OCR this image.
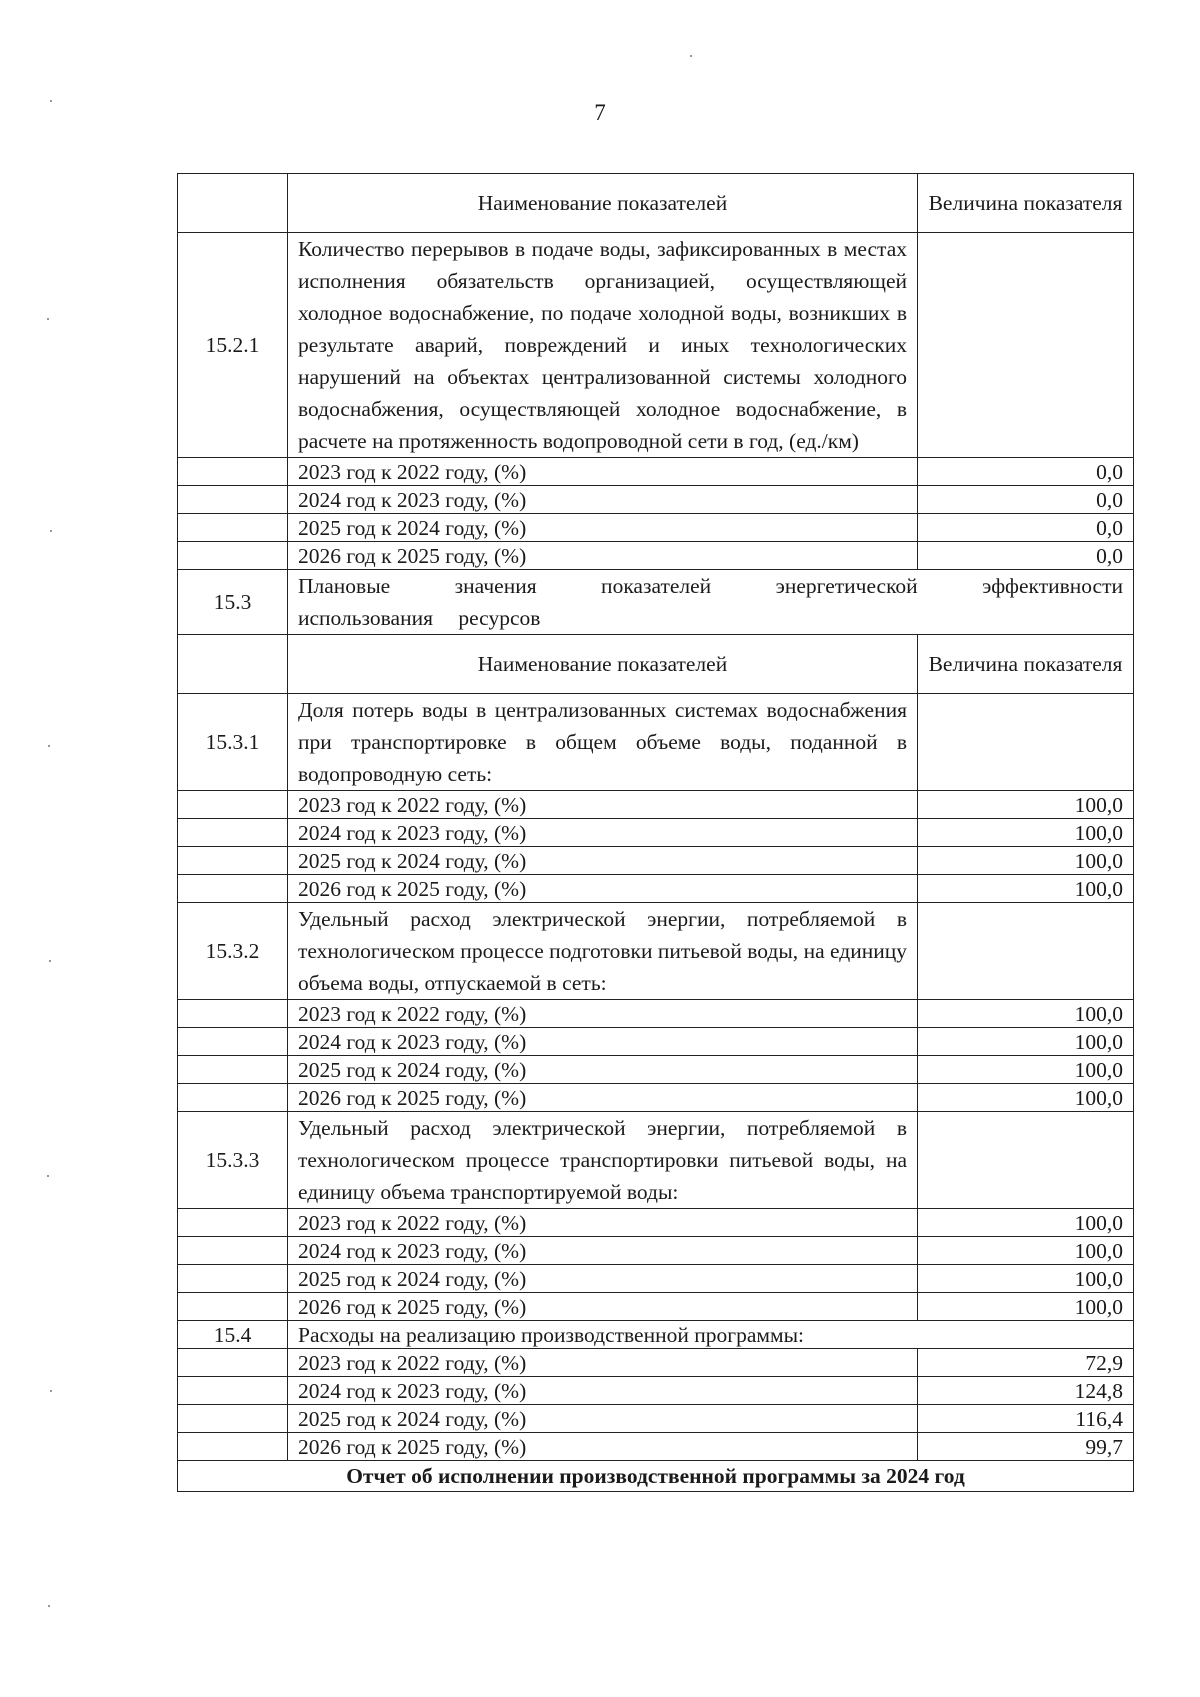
7
	Наименование показателей	Величина показателя
15.2.1	Количество перерывов в подаче воды, зафиксированных в местах исполнения обязательств организацией, осуществляющей холодное водоснабжение, по подаче холодной воды, возникших в результате аварий, повреждений и иных технологических нарушений на объектах централизованной системы холодного водоснабжения, осуществляющей холодное водоснабжение, в расчете на протяженность водопроводной сети в год, (ед./км)	
	2023 год к 2022 году, (%)	0,0
	2024 год к 2023 году, (%)	0,0
	2025 год к 2024 году, (%)	0,0
	2026 год к 2025 году, (%)	0,0
15.3	Плановые значения показателей энергетической эффективности использования ресурсов	
	Наименование показателей	Величина показателя
15.3.1	Доля потерь воды в централизованных системах водоснабжения при транспортировке в общем объеме воды, поданной в водопроводную сеть:	
	2023 год к 2022 году, (%)	100,0
	2024 год к 2023 году, (%)	100,0
	2025 год к 2024 году, (%)	100,0
	2026 год к 2025 году, (%)	100,0
15.3.2	Удельный расход электрической энергии, потребляемой в технологическом процессе подготовки питьевой воды, на единицу объема воды, отпускаемой в сеть:	
	2023 год к 2022 году, (%)	100,0
	2024 год к 2023 году, (%)	100,0
	2025 год к 2024 году, (%)	100,0
	2026 год к 2025 году, (%)	100,0
15.3.3	Удельный расход электрической энергии, потребляемой в технологическом процессе транспортировки питьевой воды, на единицу объема транспортируемой воды:	
	2023 год к 2022 году, (%)	100,0
	2024 год к 2023 году, (%)	100,0
	2025 год к 2024 году, (%)	100,0
	2026 год к 2025 году, (%)	100,0
15.4	Расходы на реализацию производственной программы:	
	2023 год к 2022 году, (%)	72,9
	2024 год к 2023 году, (%)	124,8
	2025 год к 2024 году, (%)	116,4
	2026 год к 2025 году, (%)	99,7
Отчет об исполнении производственной программы за 2024 год		
